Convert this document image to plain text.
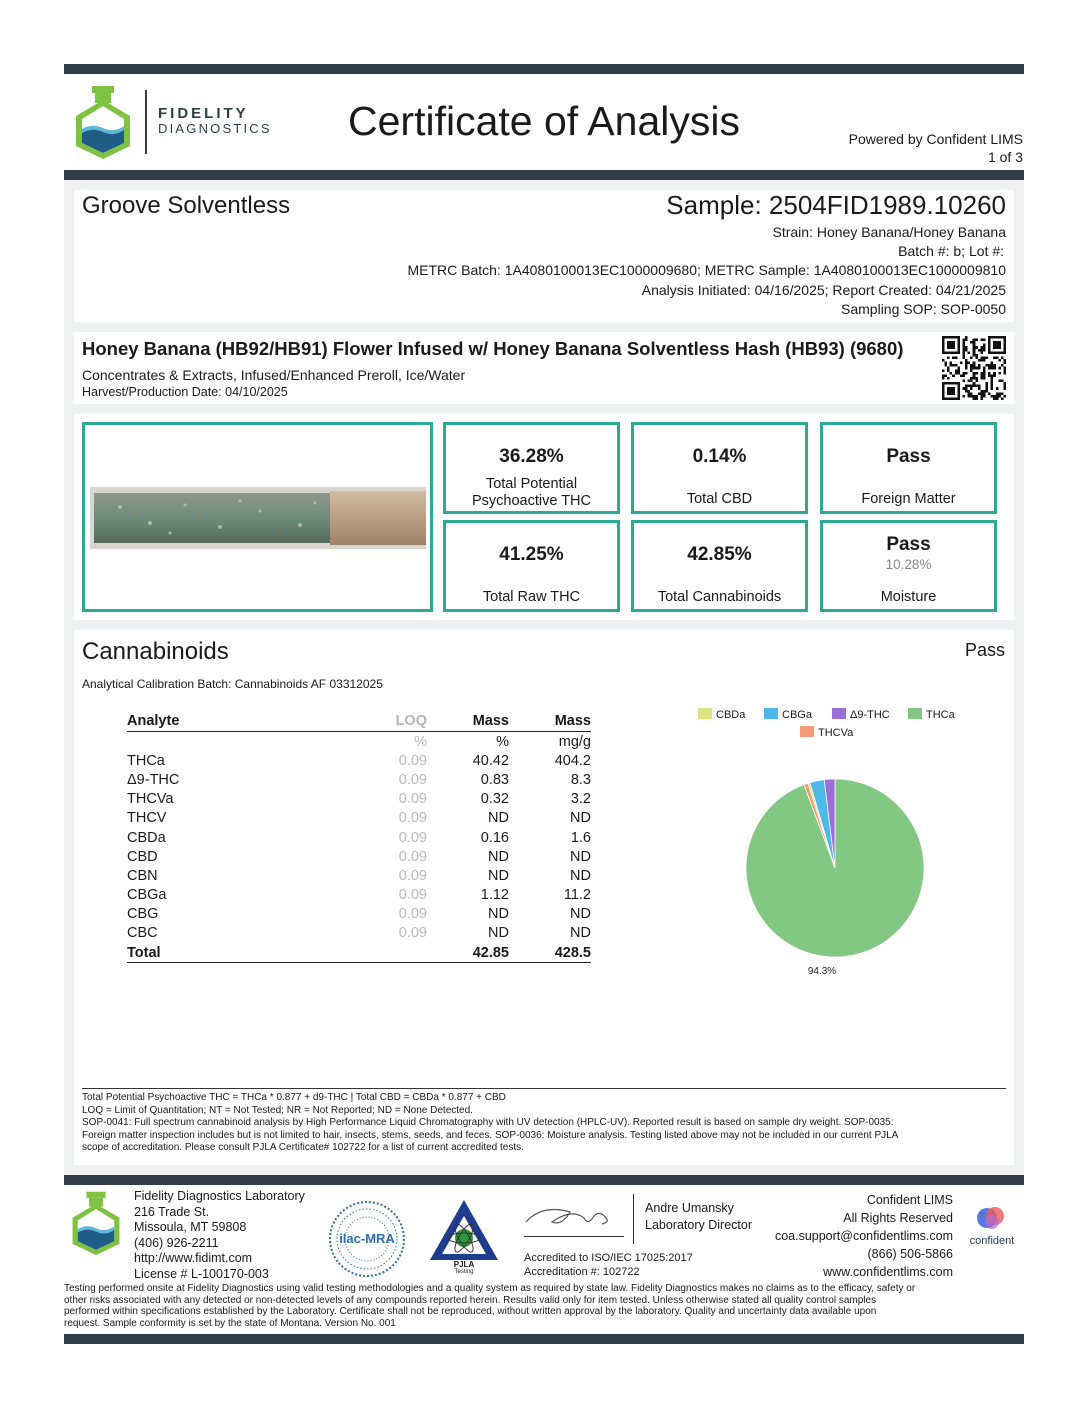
FIDELITY
DIAGNOSTICS	Certificate of Analysis	Powered by Confident LIMS
1 of 3
Groove Solventless	Sample: 2504FID1989.10260
Strain: Honey Banana/Honey Banana
Batch #: b; Lot #:
METRC Batch: 1A4080100013EC1000009680; METRC Sample: 1A4080100013EC1000009810
Analysis Initiated: 04/16/2025; Report Created: 04/21/2025
Sampling SOP: SOP-0050
Honey Banana (HB92/HB91) Flower Infused w/ Honey Banana Solventless Hash (HB93) (9680)
Concentrates & Extracts, Infused/Enhanced Preroll, Ice/Water
Harvest/Production Date: 04/10/2025
36.28%
Total Potential
Psychoactive THC
0.14%
Total CBD
Pass
Foreign Matter
41.25%
Total Raw THC
42.85%
Total Cannabinoids
Pass
10.28%
Moisture
Cannabinoids	Pass
Analytical Calibration Batch: Cannabinoids AF 03312025
Analyte	LOQ	Mass	Mass
	%	%	mg/g
THCa	0.09	40.42	404.2
Δ9-THC	0.09	0.83	8.3
THCVa	0.09	0.32	3.2
THCV	0.09	ND	ND
CBDa	0.09	0.16	1.6
CBD	0.09	ND	ND
CBN	0.09	ND	ND
CBGa	0.09	1.12	11.2
CBG	0.09	ND	ND
CBC	0.09	ND	ND
Total		42.85	428.5
CBDa	CBGa	Δ9-THC	THCa
THCVa
94.3%
Total Potential Psychoactive THC = THCa * 0.877 + d9-THC | Total CBD = CBDa * 0.877 + CBD
LOQ = Limit of Quantitation; NT = Not Tested; NR = Not Reported; ND = None Detected.
SOP-0041: Full spectrum cannabinoid analysis by High Performance Liquid Chromatography with UV detection (HPLC-UV). Reported result is based on sample dry weight. SOP-0035:
Foreign matter inspection includes but is not limited to hair, insects, stems, seeds, and feces. SOP-0036: Moisture analysis. Testing listed above may not be included in our current PJLA
scope of accreditation. Please consult PJLA Certificate# 102722 for a list of current accredited tests.
Fidelity Diagnostics Laboratory
216 Trade St.
Missoula, MT 59808
(406) 926-2211
http://www.fidimt.com
License # L-100170-003
ilac-MRA
PJLA
Testing
Andre Umansky
Laboratory Director
Accredited to ISO/IEC 17025:2017
Accreditation #: 102722
Confident LIMS
All Rights Reserved
coa.support@confidentlims.com
(866) 506-5866
www.confidentlims.com
confident
Testing performed onsite at Fidelity Diagnostics using valid testing methodologies and a quality system as required by state law. Fidelity Diagnostics makes no claims as to the efficacy, safety or
other risks associated with any detected or non-detected levels of any compounds reported herein. Results valid only for item tested. Unless otherwise stated all quality control samples
performed within specifications established by the Laboratory. Certificate shall not be reproduced, without written approval by the laboratory. Quality and uncertainty data available upon
request. Sample conformity is set by the state of Montana. Version No. 001
